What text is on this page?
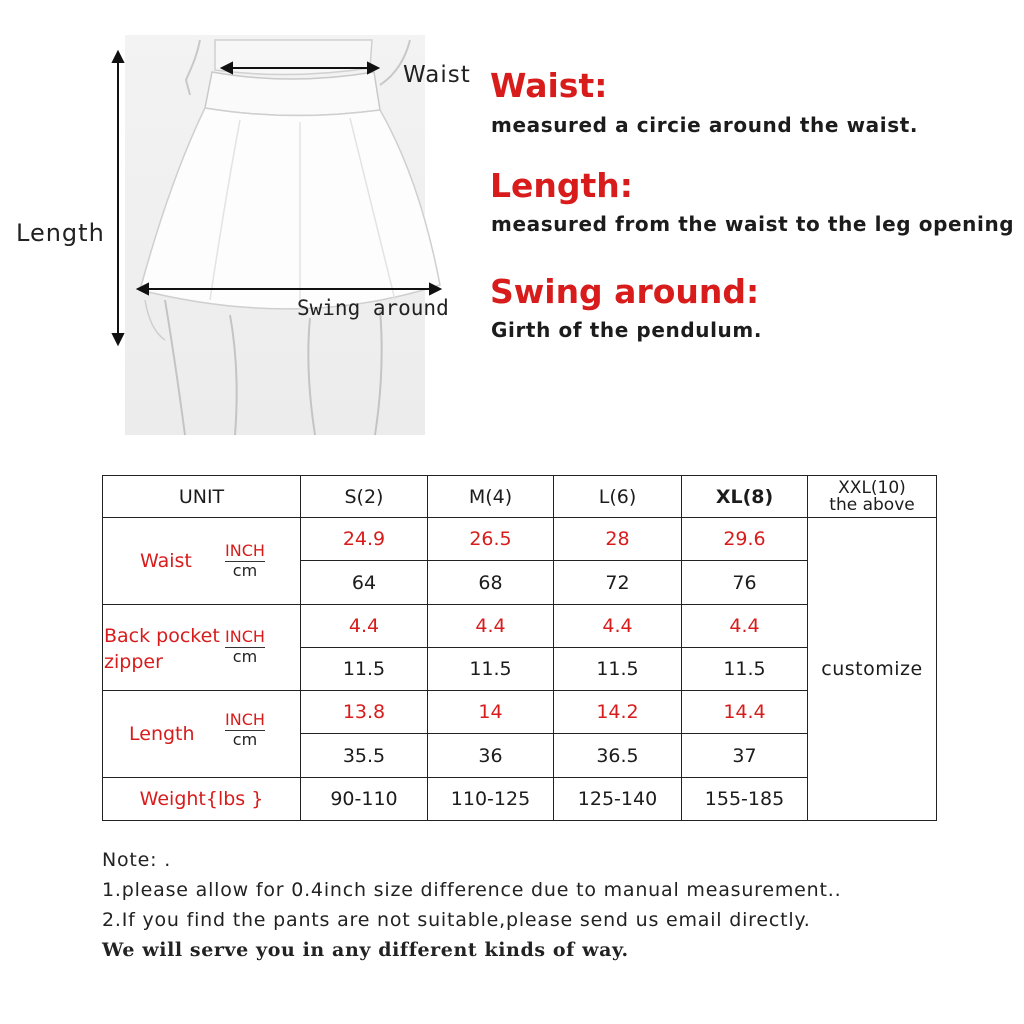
Waist
Length
Swing around
Waist:
measured a circie around the waist.
Length:
measured from the waist to the leg opening
Swing around:
Girth of the pendulum.
UNIT	S(2)	M(4)	L(6)	XL(8)	XXL(10)
the above

Waist INCH
cm	24.9	26.5	28	29.6	customize
	64	68	72	76	

Back pocket
zipper
INCH
cm	4.4	4.4	4.4	4.4	
	11.5	11.5	11.5	11.5	

Length
INCH
cm	13.8	14	14.2	14.4	
	35.5	36	36.5	37	
Weight{lbs }	90-110	110-125	125-140	155-185	
Note: .
1.please allow for 0.4inch size difference due to manual measurement..
2.If you find the pants are not suitable,please send us email directly.
We will serve you in any different kinds of way.
